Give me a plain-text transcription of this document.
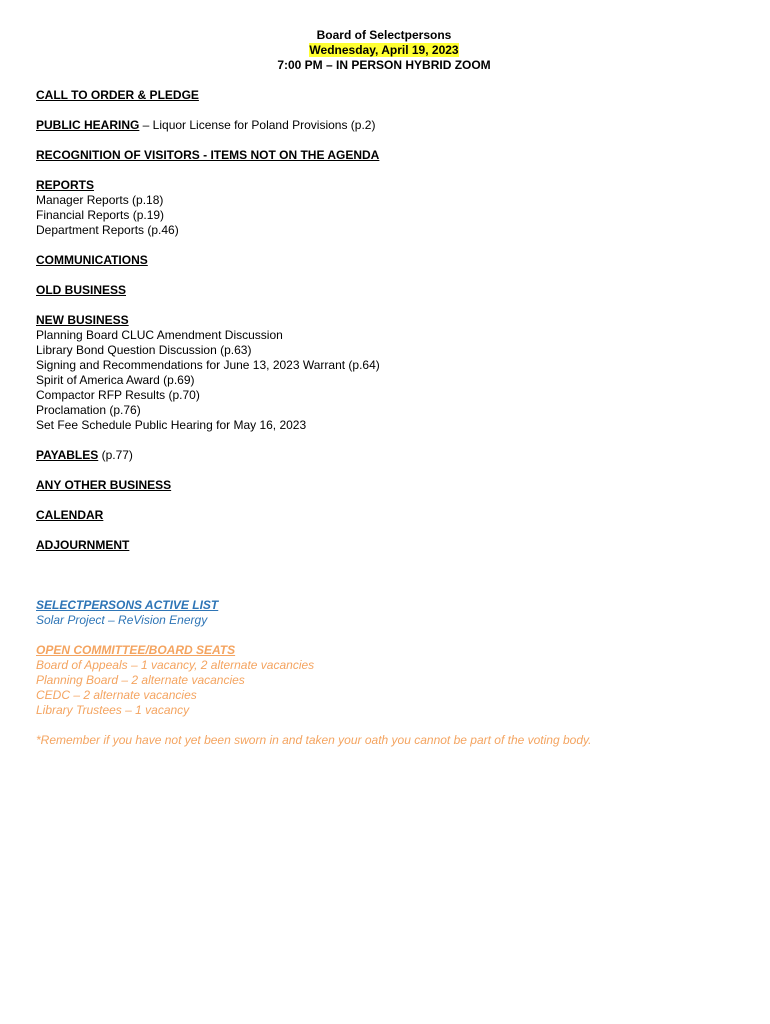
Board of Selectpersons
Wednesday, April 19, 2023
7:00 PM – IN PERSON HYBRID ZOOM
CALL TO ORDER & PLEDGE
PUBLIC HEARING – Liquor License for Poland Provisions (p.2)
RECOGNITION OF VISITORS - ITEMS NOT ON THE AGENDA
REPORTS
Manager Reports (p.18)
Financial Reports (p.19)
Department Reports (p.46)
COMMUNICATIONS
OLD BUSINESS
NEW BUSINESS
Planning Board CLUC Amendment Discussion
Library Bond Question Discussion (p.63)
Signing and Recommendations for June 13, 2023 Warrant (p.64)
Spirit of America Award (p.69)
Compactor RFP Results (p.70)
Proclamation (p.76)
Set Fee Schedule Public Hearing for May 16, 2023
PAYABLES (p.77)
ANY OTHER BUSINESS
CALENDAR
ADJOURNMENT
SELECTPERSONS ACTIVE LIST
Solar Project – ReVision Energy
OPEN COMMITTEE/BOARD SEATS
Board of Appeals – 1 vacancy, 2 alternate vacancies
Planning Board – 2 alternate vacancies
CEDC – 2 alternate vacancies
Library Trustees – 1 vacancy
*Remember if you have not yet been sworn in and taken your oath you cannot be part of the voting body.
